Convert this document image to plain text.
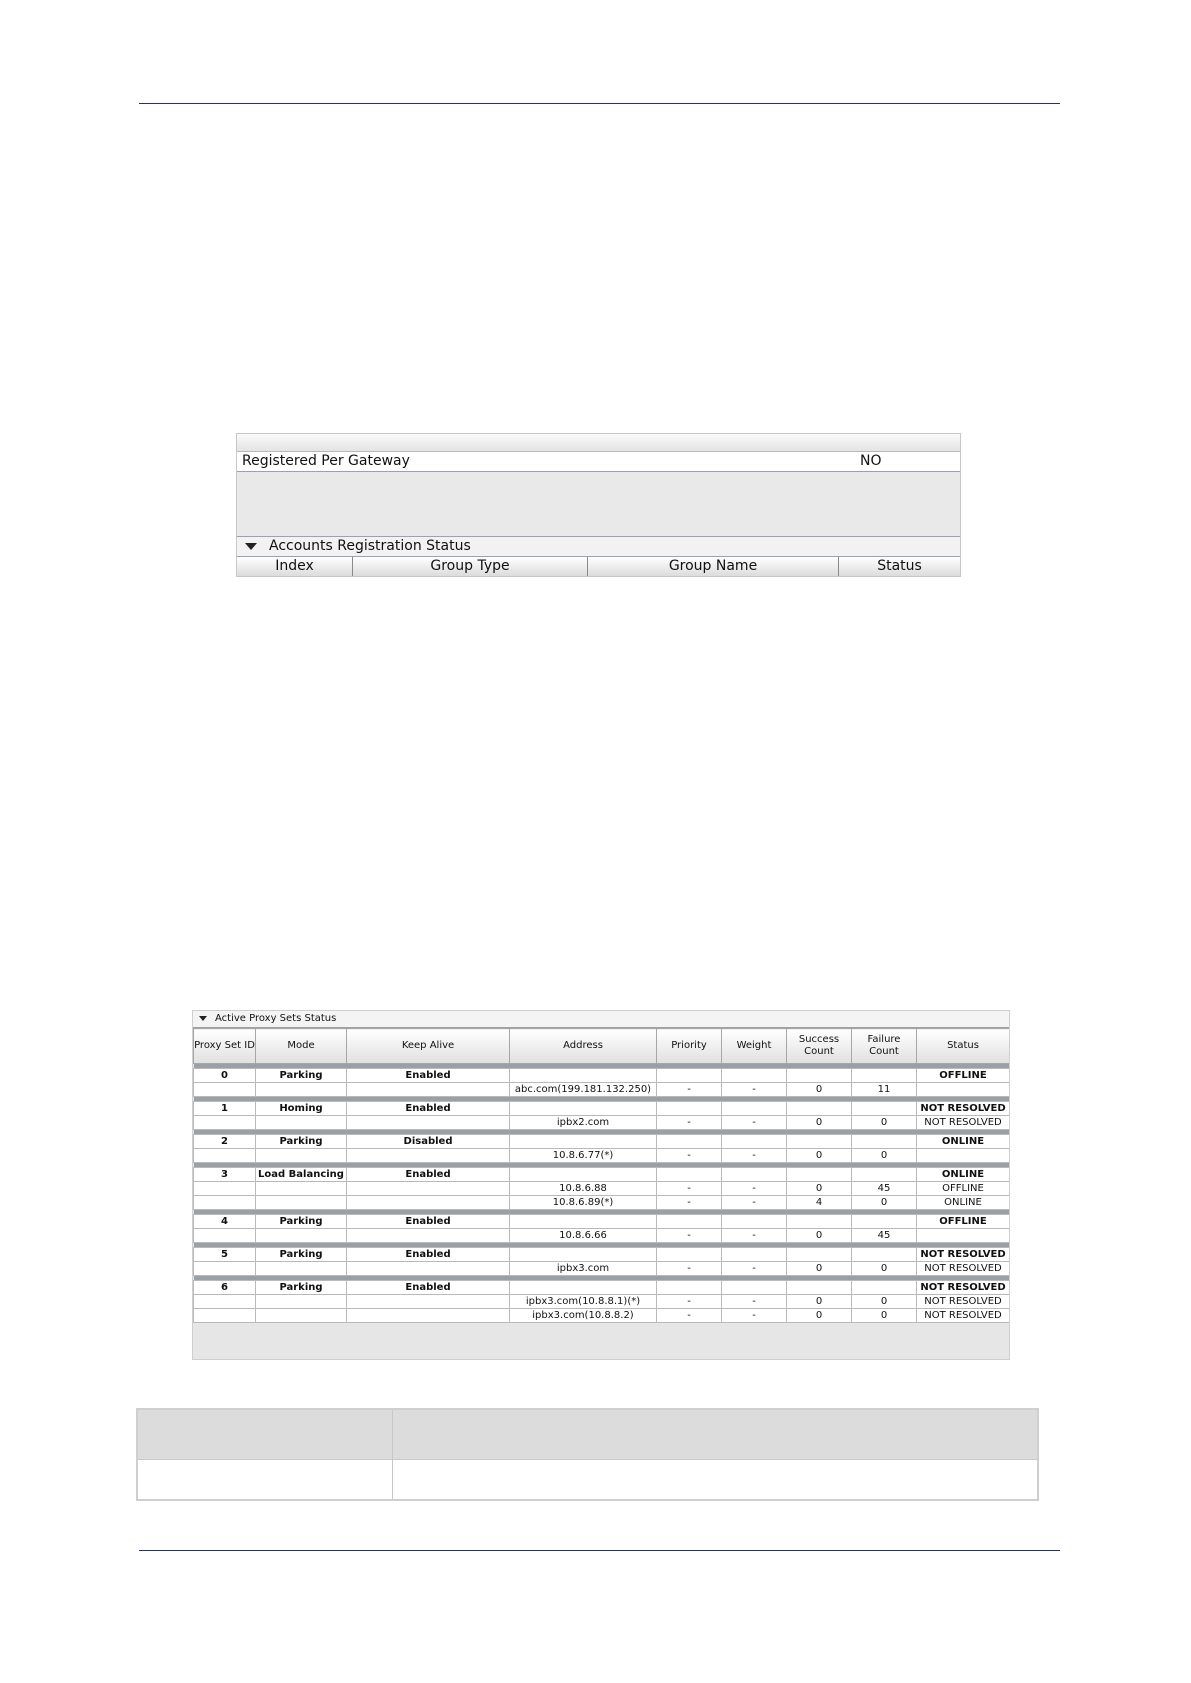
Registered Per Gateway	NO
Accounts Registration Status
Index	Group Type	Group Name	Status
Active Proxy Sets Status
Proxy Set ID	Mode	Keep Alive	Address	Priority	Weight	Success Count	Failure Count	Status

0	Parking	Enabled						OFFLINE
			abc.com(199.181.132.250)	-	-	0	11	

1	Homing	Enabled						NOT RESOLVED
			ipbx2.com	-	-	0	0	NOT RESOLVED

2	Parking	Disabled						ONLINE
			10.8.6.77(*)	-	-	0	0	

3	Load Balancing	Enabled						ONLINE
			10.8.6.88	-	-	0	45	OFFLINE
			10.8.6.89(*)	-	-	4	0	ONLINE

4	Parking	Enabled						OFFLINE
			10.8.6.66	-	-	0	45	

5	Parking	Enabled						NOT RESOLVED
			ipbx3.com	-	-	0	0	NOT RESOLVED

6	Parking	Enabled						NOT RESOLVED
			ipbx3.com(10.8.8.1)(*)	-	-	0	0	NOT RESOLVED
			ipbx3.com(10.8.8.2)	-	-	0	0	NOT RESOLVED
